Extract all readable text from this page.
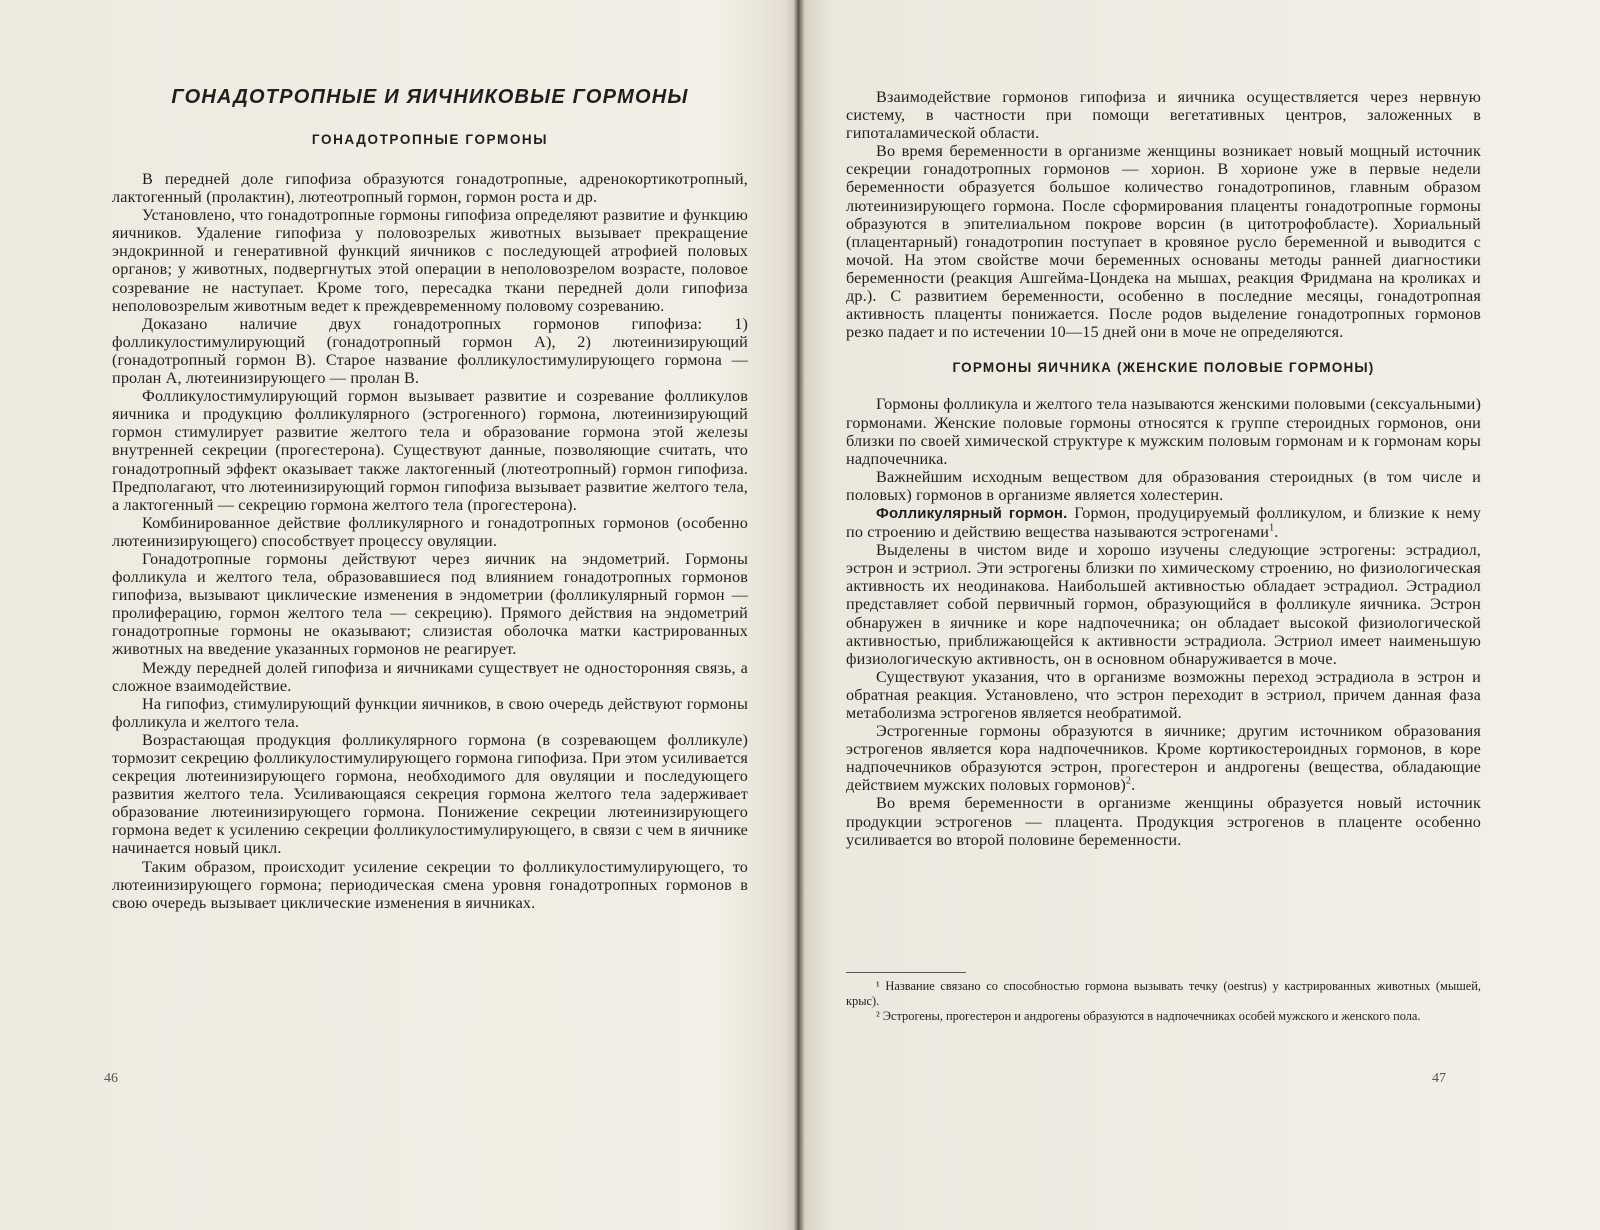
ГОНАДОТРОПНЫЕ И ЯИЧНИКОВЫЕ ГОРМОНЫ
ГОНАДОТРОПНЫЕ ГОРМОНЫ

В передней доле гипофиза образуются гонадотропные, адренокортикотропный, лактогенный (пролактин), лютеотропный гормон, гормон роста и др.

Установлено, что гонадотропные гормоны гипофиза определяют развитие и функцию яичников. Удаление гипофиза у половозрелых животных вызывает прекращение эндокринной и генеративной функций яичников с последующей атрофией половых органов; у животных, подвергнутых этой операции в неполовозрелом возрасте, половое созревание не наступает. Кроме того, пересадка ткани передней доли гипофиза неполовозрелым животным ведет к преждевременному половому созреванию.

Доказано наличие двух гонадотропных гормонов гипофиза: 1) фолликулостимулирующий (гонадотропный гормон А), 2) лютеинизирующий (гонадотропный гормон В). Старое название фолликулостимулирующего гормона — пролан А, лютеинизирующего — пролан В.

Фолликулостимулирующий гормон вызывает развитие и созревание фолликулов яичника и продукцию фолликулярного (эстрогенного) гормона, лютеинизирующий гормон стимулирует развитие желтого тела и образование гормона этой железы внутренней секреции (прогестерона). Существуют данные, позволяющие считать, что гонадотропный эффект оказывает также лактогенный (лютеотропный) гормон гипофиза. Предполагают, что лютеинизирующий гормон гипофиза вызывает развитие желтого тела, а лактогенный — секрецию гормона желтого тела (прогестерона).

Комбинированное действие фолликулярного и гонадотропных гормонов (особенно лютеинизирующего) способствует процессу овуляции.

Гонадотропные гормоны действуют через яичник на эндометрий. Гормоны фолликула и желтого тела, образовавшиеся под влиянием гонадотропных гормонов гипофиза, вызывают циклические изменения в эндометрии (фолликулярный гормон — пролиферацию, гормон желтого тела — секрецию). Прямого действия на эндометрий гонадотропные гормоны не оказывают; слизистая оболочка матки кастрированных животных на введение указанных гормонов не реагирует.

Между передней долей гипофиза и яичниками существует не односторонняя связь, а сложное взаимодействие.

На гипофиз, стимулирующий функции яичников, в свою очередь действуют гормоны фолликула и желтого тела.

Возрастающая продукция фолликулярного гормона (в созревающем фолликуле) тормозит секрецию фолликулостимулирующего гормона гипофиза. При этом усиливается секреция лютеинизирующего гормона, необходимого для овуляции и последующего развития желтого тела. Усиливающаяся секреция гормона желтого тела задерживает образование лютеинизирующего гормона. Понижение секреции лютеинизирующего гормона ведет к усилению секреции фолликулостимулирующего, в связи с чем в яичнике начинается новый цикл.

Таким образом, происходит усиление секреции то фолликулостимулирующего, то лютеинизирующего гормона; периодическая смена уровня гонадотропных гормонов в свою очередь вызывает циклические изменения в яичниках.

46

Взаимодействие гормонов гипофиза и яичника осуществляется через нервную систему, в частности при помощи вегетативных центров, заложенных в гипоталамической области.

Во время беременности в организме женщины возникает новый мощный источник секреции гонадотропных гормонов — хорион. В хорионе уже в первые недели беременности образуется большое количество гонадотропинов, главным образом лютеинизирующего гормона. После сформирования плаценты гонадотропные гормоны образуются в эпителиальном покрове ворсин (в цитотрофобласте). Хориальный (плацентарный) гонадотропин поступает в кровяное русло беременной и выводится с мочой. На этом свойстве мочи беременных основаны методы ранней диагностики беременности (реакция Ашгейма-Цондека на мышах, реакция Фридмана на кроликах и др.). С развитием беременности, особенно в последние месяцы, гонадотропная активность плаценты понижается. После родов выделение гонадотропных гормонов резко падает и по истечении 10—15 дней они в моче не определяются.

ГОРМОНЫ ЯИЧНИКА (ЖЕНСКИЕ ПОЛОВЫЕ ГОРМОНЫ)

Гормоны фолликула и желтого тела называются женскими половыми (сексуальными) гормонами. Женские половые гормоны относятся к группе стероидных гормонов, они близки по своей химической структуре к мужским половым гормонам и к гормонам коры надпочечника.

Важнейшим исходным веществом для образования стероидных (в том числе и половых) гормонов в организме является холестерин.

Фолликулярный гормон. Гормон, продуцируемый фолликулом, и близкие к нему по строению и действию вещества называются эстрогенами$^1$.

Выделены в чистом виде и хорошо изучены следующие эстрогены: эстрадиол, эстрон и эстриол. Эти эстрогены близки по химическому строению, но физиологическая активность их неодинакова. Наибольшей активностью обладает эстрадиол. Эстрадиол представляет собой первичный гормон, образующийся в фолликуле яичника. Эстрон обнаружен в яичнике и коре надпочечника; он обладает высокой физиологической активностью, приближающейся к активности эстрадиола. Эстриол имеет наименьшую физиологическую активность, он в основном обнаруживается в моче.

Существуют указания, что в организме возможны переход эстрадиола в эстрон и обратная реакция. Установлено, что эстрон переходит в эстриол, причем данная фаза метаболизма эстрогенов является необратимой.

Эстрогенные гормоны образуются в яичнике; другим источником образования эстрогенов является кора надпочечников. Кроме кортикостероидных гормонов, в коре надпочечников образуются эстрон, прогестерон и андрогены (вещества, обладающие действием мужских половых гормонов)$^2$.

Во время беременности в организме женщины образуется новый источник продукции эстрогенов — плацента. Продукция эстрогенов в плаценте особенно усиливается во второй половине беременности.

¹ Название связано со способностью гормона вызывать течку (oestrus) у кастрированных животных (мышей, крыс).

² Эстрогены, прогестерон и андрогены образуются в надпочечниках особей мужского и женского пола.

47
